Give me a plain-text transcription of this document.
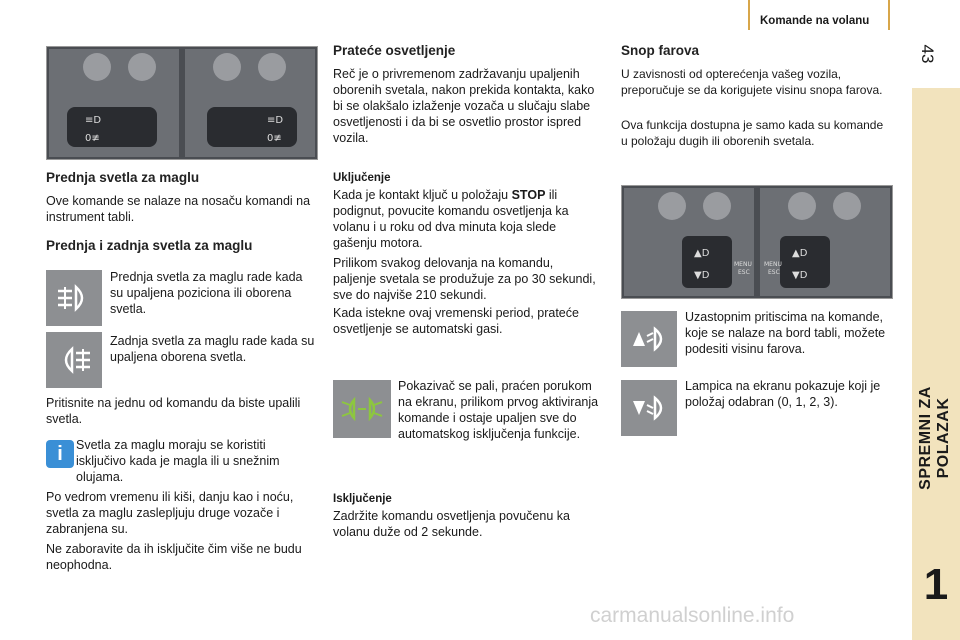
Komande na volanu
43
SPREMNI ZA POLAZAK
1
≡D
0≢
≡D
0≢
Prednja svetla za maglu
Ove komande se nalaze na nosaču komandi na instrument tabli.
Prednja i zadnja svetla za maglu
Prednja svetla za maglu rade kada su upaljena poziciona ili oborena svetla.
Zadnja svetla za maglu rade kada su upaljena oborena svetla.
Pritisnite na jednu od komandu da biste upalili svetla.
i	Svetla za maglu moraju se koristiti isključivo kada je magla ili u snežnim olujama.
Po vedrom vremenu ili kiši, danju kao i noću, svetla za maglu zaslepljuju druge vozače i zabranjena su.
Ne zaboravite da ih isključite čim više ne budu neophodna.
Prateće osvetljenje
Reč je o privremenom zadržavanju upaljenih oborenih svetala, nakon prekida kontakta, kako bi se olakšalo izlaženje vozača u slučaju slabe osvetljenosti i da bi se osvetlio prostor ispred vozila.
Uključenje
Kada je kontakt ključ u položaju STOP ili podignut, povucite komandu osvetljenja ka volanu i u roku od dva minuta koja slede gašenju motora.
Prilikom svakog delovanja na komandu, paljenje svetala se produžuje za po 30 sekundi, sve do najviše 210 sekundi.
Kada istekne ovaj vremenski period, prateće osvetljenje se automatski gasi.
Pokazivač se pali, praćen porukom na ekranu, prilikom prvog aktiviranja komande i ostaje upaljen sve do automatskog isključenja funkcije.
Isključenje
Zadržite komandu osvetljenja povučenu ka volanu duže od 2 sekunde.
Snop farova
U zavisnosti od opterećenja vašeg vozila, preporučuje se da korigujete visinu snopa farova.
Ova funkcija dostupna je samo kada su komande u položaju dugih ili oborenih svetala.
▲D
▼D
▲D
▼D
MENU
ESC
MENU
ESC
Uzastopnim pritiscima na komande, koje se nalaze na bord tabli, možete podesiti visinu farova.
Lampica na ekranu pokazuje koji je položaj odabran (0, 1, 2, 3).
carmanualsonline.info
